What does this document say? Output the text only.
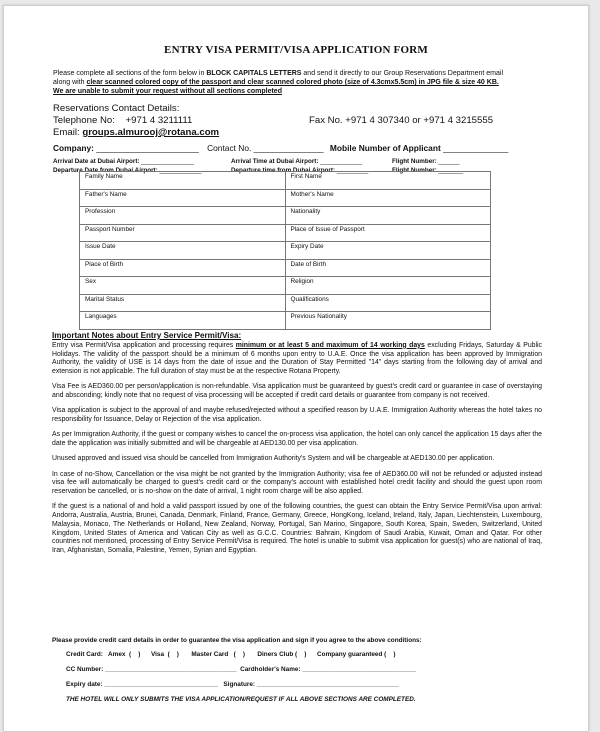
ENTRY VISA PERMIT/VISA APPLICATION FORM
Please complete all sections of the form below in BLOCK CAPITALS LETTERS and send it directly to our Group Reservations Department email
along with clear scanned colored copy of the passport and clear scanned colored photo (size of 4.3cmx5.5cm) in JPG file & size 40 KB.
We are unable to submit your request without all sections completed
Reservations Contact Details:
Telephone No: +971 4 3211111	Fax No. +971 4 307340 or +971 4 3215555
Email: groups.almurooj@rotana.com
Company: ______________________ Contact No. _______________ Mobile Number of Applicant ______________
Arrival Date at Dubai Airport: _______________	Arrival Time at Dubai Airport: ____________	Flight Number: ______
Departure Date from Dubai Airport: ____________	Departure time from Dubai Airport: _________	Flight Number: _______
Family Name	First Name
Father's Name	Mother's Name
Profession	Nationality
Passport Number	Place of Issue of Passport
Issue Date	Expiry Date
Place of Birth	Date of Birth
Sex	Religion
Marital Status	Qualifications
Languages	Previous Nationality
Important Notes about Entry Service Permit/Visa:

Entry visa Permit/Visa application and processing requires minimum or at least 5 and maximum of 14 working days excluding Fridays, Saturday & Public Holidays. The validity of the passport should be a minimum of 6 months upon entry to U.A.E. Once the visa application has been approved by Immigration Authority, the validity of USE is 14 days from the date of issue and the Duration of Stay Permitted "14" days starting from the following day of arrival and extension is not applicable. The full duration of stay must be at the respective Rotana Property.

Visa Fee is AED360.00 per person/application is non-refundable. Visa application must be guaranteed by guest's credit card or guarantee in case of overstaying and absconding; kindly note that no request of visa processing will be accepted if credit card details or guarantee from company is not received.

Visa application is subject to the approval of and maybe refused/rejected without a specified reason by U.A.E. Immigration Authority whereas the hotel takes no responsibility for Issuance, Delay or Rejection of the visa application.

As per Immigration Authority, if the guest or company wishes to cancel the on-process visa application, the hotel can only cancel the application 15 days after the date the application was initially submitted and will be chargeable at AED130.00 per visa application.

Unused approved and issued visa should be cancelled from Immigration Authority's System and will be chargeable at AED130.00 per application.

In case of no-Show, Cancellation or the visa might be not granted by the Immigration Authority; visa fee of AED360.00 will not be refunded or adjusted instead visa fee will automatically be charged to guest's credit card or the company's account with established hotel credit facility and should the guest upon room reservation be cancelled, or is no-show on the date of arrival, 1 night room charge will be also applied.

If the guest is a national of and hold a valid passport issued by one of the following countries, the guest can obtain the Entry Service Permit/Visa upon arrival: Andorra, Australia, Austria, Brunei, Canada, Denmark, Finland, France, Germany, Greece, HongKong, Iceland, Ireland, Italy, Japan, Liechtenstein, Luxembourg, Malaysia, Monaco, The Netherlands or Holland, New Zealand, Norway, Portugal, San Marino, Singapore, South Korea, Spain, Sweden, Switzerland, United Kingdom, United States of America and Vatican City as well as G.C.C. Countries: Bahrain, Kingdom of Saudi Arabia, Kuwait, Oman and Qatar. For other countries not mentioned, processing of Entry Service Permit/Visa is required. The hotel is unable to submit visa application for guest(s) who are national of Iraq, Iran, Afghanistan, Somalia, Palestine, Yemen, Syrian and Egyptian.

Please provide credit card details in order to guarantee the visa application and sign if you agree to the above conditions:
Credit Card:   Amex  (    )      Visa  (    )       Master Card   (    )       Diners Club (    )      Company guaranteed (    )
CC Number: _____________________________________  Cardholder's Name: ________________________________
Expiry date: ________________________________   Signature: ________________________________________
THE HOTEL WILL ONLY SUBMITS THE VISA APPLICATION/REQUEST IF ALL ABOVE SECTIONS ARE COMPLETED.
